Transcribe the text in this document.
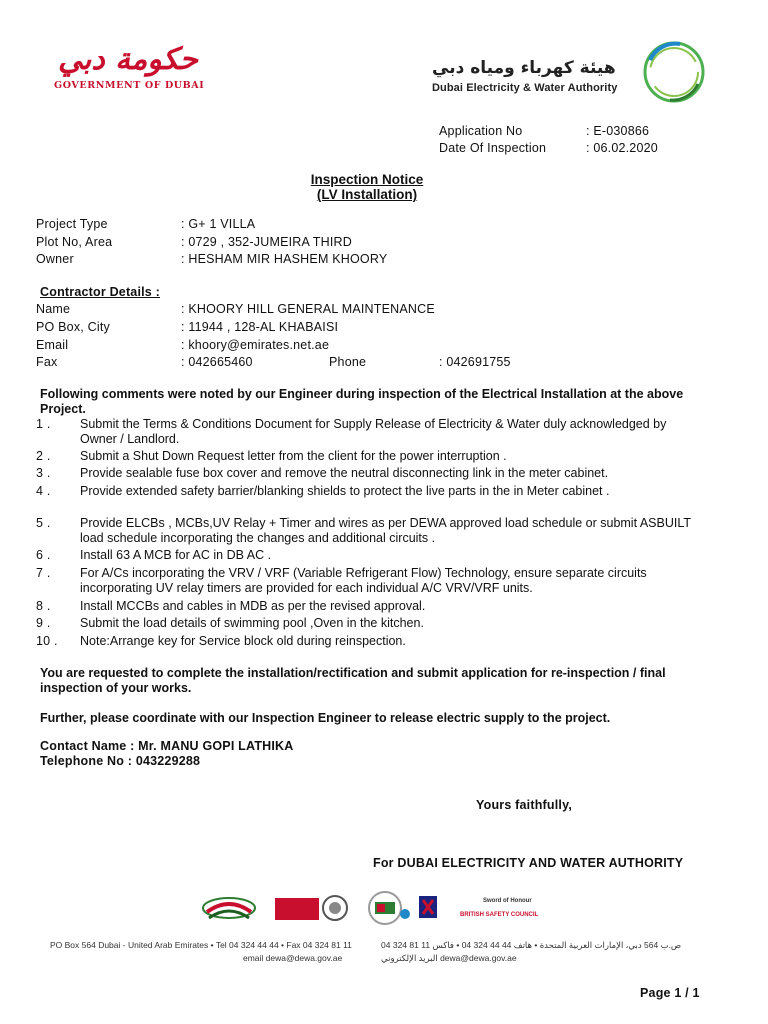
حكومة دبي
GOVERNMENT OF DUBAI
هيئة كهرباء ومياه دبي
Dubai Electricity & Water Authority
Application No	: E-030866
Date Of Inspection	: 06.02.2020
Inspection Notice
(LV Installation)
Project Type	: G+ 1 VILLA
Plot No, Area	: 0729 , 352-JUMEIRA THIRD
Owner	: HESHAM MIR HASHEM KHOORY
Contractor Details :
Name	: KHOORY HILL GENERAL MAINTENANCE
PO Box, City	: 11944 , 128-AL KHABAISI
Email	: khoory@emirates.net.ae
Fax	: 042665460	Phone	: 042691755
Following comments were noted by our Engineer during inspection of the Electrical Installation at the above Project.
1 . Submit the Terms & Conditions Document for Supply Release of Electricity & Water duly acknowledged by Owner / Landlord.
2 . Submit a Shut Down Request letter from the client for the power interruption .
3 . Provide sealable fuse box cover and remove the neutral disconnecting link in the meter cabinet.
4 . Provide extended safety barrier/blanking shields to protect the live parts in the in Meter cabinet .
5 . Provide ELCBs , MCBs,UV Relay + Timer and wires as per DEWA approved load schedule or submit ASBUILT load schedule incorporating the changes and additional circuits .
6 . Install 63 A MCB for AC in DB AC .
7 . For A/Cs incorporating the VRV / VRF (Variable Refrigerant Flow) Technology, ensure separate circuits incorporating UV relay timers are provided for each individual A/C VRV/VRF units.
8 . Install MCCBs and cables in MDB as per the revised approval.
9 . Submit the load details of swimming pool ,Oven in the kitchen.
10 . Note:Arrange key for Service block old during reinspection.
You are requested to complete the installation/rectification and submit application for re-inspection / final inspection of your works.
Further, please coordinate with our Inspection Engineer to release electric supply to the project.
Contact Name : Mr. MANU GOPI LATHIKA
Telephone No : 043229288
Yours faithfully,
For DUBAI ELECTRICITY AND WATER AUTHORITY
Sword of Honour
BRITISH SAFETY COUNCIL
PO Box 564 Dubai - United Arab Emirates • Tel 04 324 44 44 • Fax 04 324 81 11
email dewa@dewa.gov.ae
ص.ب 564 دبي، الإمارات العربية المتحدة • هاتف 44 44 324 04 • فاكس 11 81 324 04
البريد الإلكتروني dewa@dewa.gov.ae
Page 1 / 1
